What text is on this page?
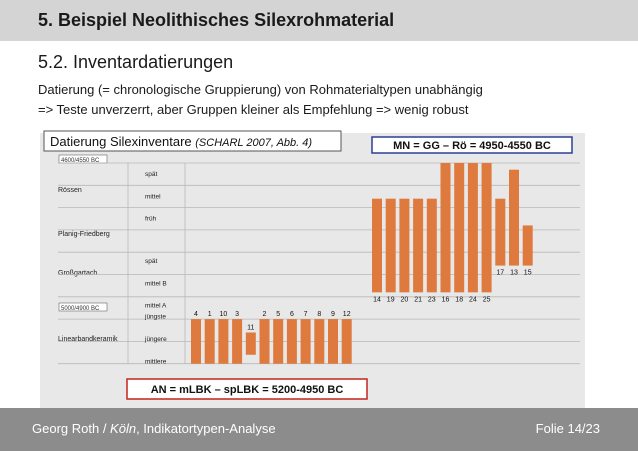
5. Beispiel Neolithisches Silexrohmaterial
5.2. Inventardatierungen
Datierung (= chronologische Gruppierung) von Rohmaterialtypen unabhängig
=> Teste unverzerrt, aber Gruppen kleiner als Empfehlung => wenig robust
Datierung Silexinventare (SCHARL 2007, Abb. 4)	MN = GG – Rö = 4950-4550 BC
4600/4550 BC
5000/4900 BC
Rössen
Planig-Friedberg
Großgartach
Linearbandkeramik
spät
mittel
früh
spät
mittel B
mittel A
jüngste
jüngere
mittlere
4 1 10 3
11
2 5 6 7 8 9 12
14 19 20 21 23 16 18 24 25
17 13 15
AN = mLBK – spLBK = 5200-4950 BC
Georg Roth / Köln, Indikatortypen-Analyse	Folie 14/23
